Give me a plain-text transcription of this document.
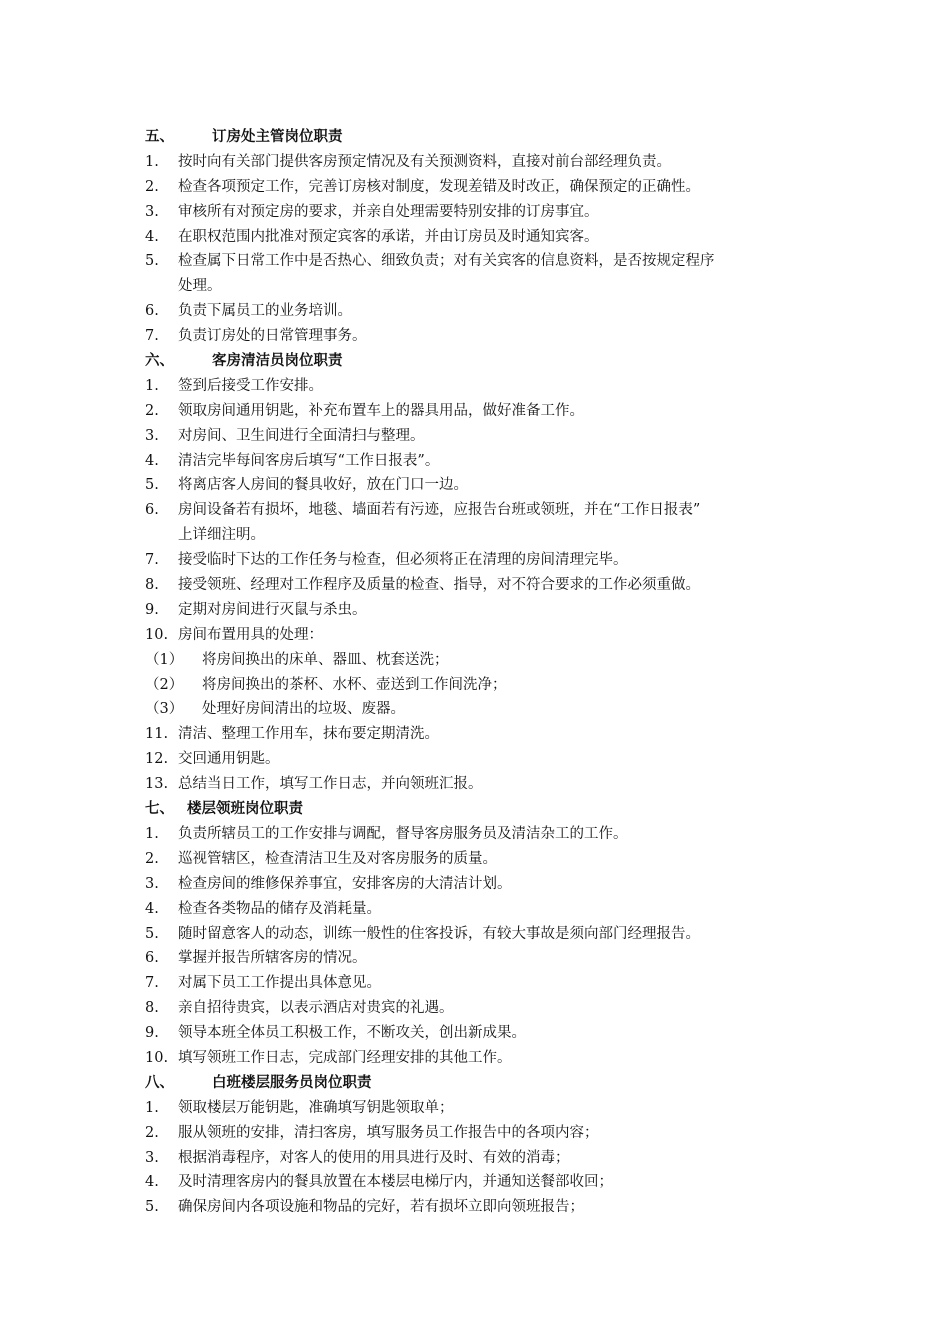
五、	订房处主管岗位职责
1. 按时向有关部门提供客房预定情况及有关预测资料，直接对前台部经理负责。
2. 检查各项预定工作，完善订房核对制度，发现差错及时改正，确保预定的正确性。
3. 审核所有对预定房的要求，并亲自处理需要特别安排的订房事宜。
4. 在职权范围内批准对预定宾客的承诺，并由订房员及时通知宾客。
5. 检查属下日常工作中是否热心、细致负责；对有关宾客的信息资料，是否按规定程序
处理。
6. 负责下属员工的业务培训。
7. 负责订房处的日常管理事务。
六、	客房清洁员岗位职责
1. 签到后接受工作安排。
2. 领取房间通用钥匙，补充布置车上的器具用品，做好准备工作。
3. 对房间、卫生间进行全面清扫与整理。
4. 清洁完毕每间客房后填写“工作日报表”。
5. 将离店客人房间的餐具收好，放在门口一边。
6. 房间设备若有损坏，地毯、墙面若有污迹，应报告台班或领班，并在“工作日报表”
上详细注明。
7. 接受临时下达的工作任务与检查，但必须将正在清理的房间清理完毕。
8. 接受领班、经理对工作程序及质量的检查、指导，对不符合要求的工作必须重做。
9. 定期对房间进行灭鼠与杀虫。
10. 房间布置用具的处理：
（1） 将房间换出的床单、器皿、枕套送洗；
（2） 将房间换出的茶杯、水杯、壶送到工作间洗净；
（3） 处理好房间清出的垃圾、废器。
11. 清洁、整理工作用车，抹布要定期清洗。
12. 交回通用钥匙。
13. 总结当日工作，填写工作日志，并向领班汇报。
七、 楼层领班岗位职责
1. 负责所辖员工的工作安排与调配，督导客房服务员及清洁杂工的工作。
2. 巡视管辖区，检查清洁卫生及对客房服务的质量。
3. 检查房间的维修保养事宜，安排客房的大清洁计划。
4. 检查各类物品的储存及消耗量。
5. 随时留意客人的动态，训练一般性的住客投诉，有较大事故是须向部门经理报告。
6. 掌握并报告所辖客房的情况。
7. 对属下员工工作提出具体意见。
8. 亲自招待贵宾，以表示酒店对贵宾的礼遇。
9. 领导本班全体员工积极工作，不断攻关，创出新成果。
10. 填写领班工作日志，完成部门经理安排的其他工作。
八、	白班楼层服务员岗位职责
1. 领取楼层万能钥匙，准确填写钥匙领取单；
2. 服从领班的安排，清扫客房，填写服务员工作报告中的各项内容；
3. 根据消毒程序，对客人的使用的用具进行及时、有效的消毒；
4. 及时清理客房内的餐具放置在本楼层电梯厅内，并通知送餐部收回；
5. 确保房间内各项设施和物品的完好，若有损坏立即向领班报告；
